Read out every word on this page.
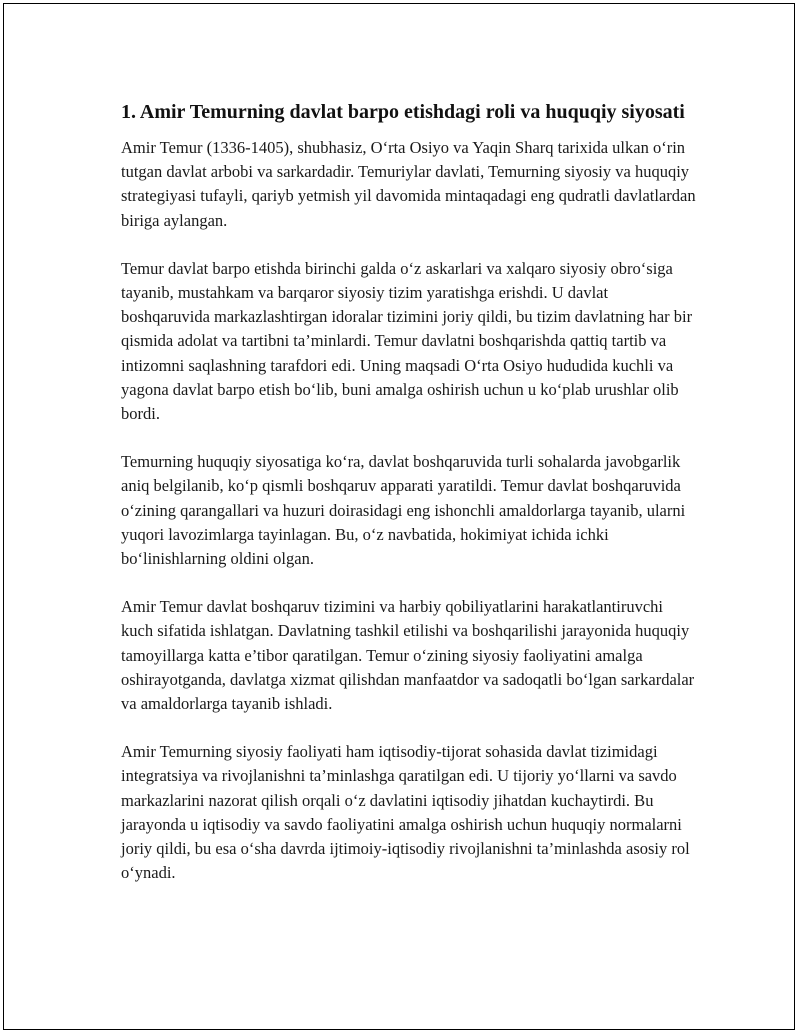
1. Amir Temurning davlat barpo etishdagi roli va huquqiy siyosati

Amir Temur (1336-1405), shubhasiz, O‘rta Osiyo va Yaqin Sharq tarixida ulkan o‘rin tutgan davlat arbobi va sarkardadir. Temuriylar davlati, Temurning siyosiy va huquqiy strategiyasi tufayli, qariyb yetmish yil davomida mintaqadagi eng qudratli davlatlardan biriga aylangan.

Temur davlat barpo etishda birinchi galda o‘z askarlari va xalqaro siyosiy obro‘siga tayanib, mustahkam va barqaror siyosiy tizim yaratishga erishdi. U davlat boshqaruvida markazlashtirgan idoralar tizimini joriy qildi, bu tizim davlatning har bir qismida adolat va tartibni ta’minlardi. Temur davlatni boshqarishda qattiq tartib va intizomni saqlashning tarafdori edi. Uning maqsadi O‘rta Osiyo hududida kuchli va yagona davlat barpo etish bo‘lib, buni amalga oshirish uchun u ko‘plab urushlar olib bordi.

Temurning huquqiy siyosatiga ko‘ra, davlat boshqaruvida turli sohalarda javobgarlik aniq belgilanib, ko‘p qismli boshqaruv apparati yaratildi. Temur davlat boshqaruvida o‘zining qarangallari va huzuri doirasidagi eng ishonchli amaldorlarga tayanib, ularni yuqori lavozimlarga tayinlagan. Bu, o‘z navbatida, hokimiyat ichida ichki bo‘linishlarning oldini olgan.

Amir Temur davlat boshqaruv tizimini va harbiy qobiliyatlarini harakatlantiruvchi kuch sifatida ishlatgan. Davlatning tashkil etilishi va boshqarilishi jarayonida huquqiy tamoyillarga katta e’tibor qaratilgan. Temur o‘zining siyosiy faoliyatini amalga oshirayotganda, davlatga xizmat qilishdan manfaatdor va sadoqatli bo‘lgan sarkardalar va amaldorlarga tayanib ishladi.

Amir Temurning siyosiy faoliyati ham iqtisodiy-tijorat sohasida davlat tizimidagi integratsiya va rivojlanishni ta’minlashga qaratilgan edi. U tijoriy yo‘llarni va savdo markazlarini nazorat qilish orqali o‘z davlatini iqtisodiy jihatdan kuchaytirdi. Bu jarayonda u iqtisodiy va savdo faoliyatini amalga oshirish uchun huquqiy normalarni joriy qildi, bu esa o‘sha davrda ijtimoiy-iqtisodiy rivojlanishni ta’minlashda asosiy rol o‘ynadi.
